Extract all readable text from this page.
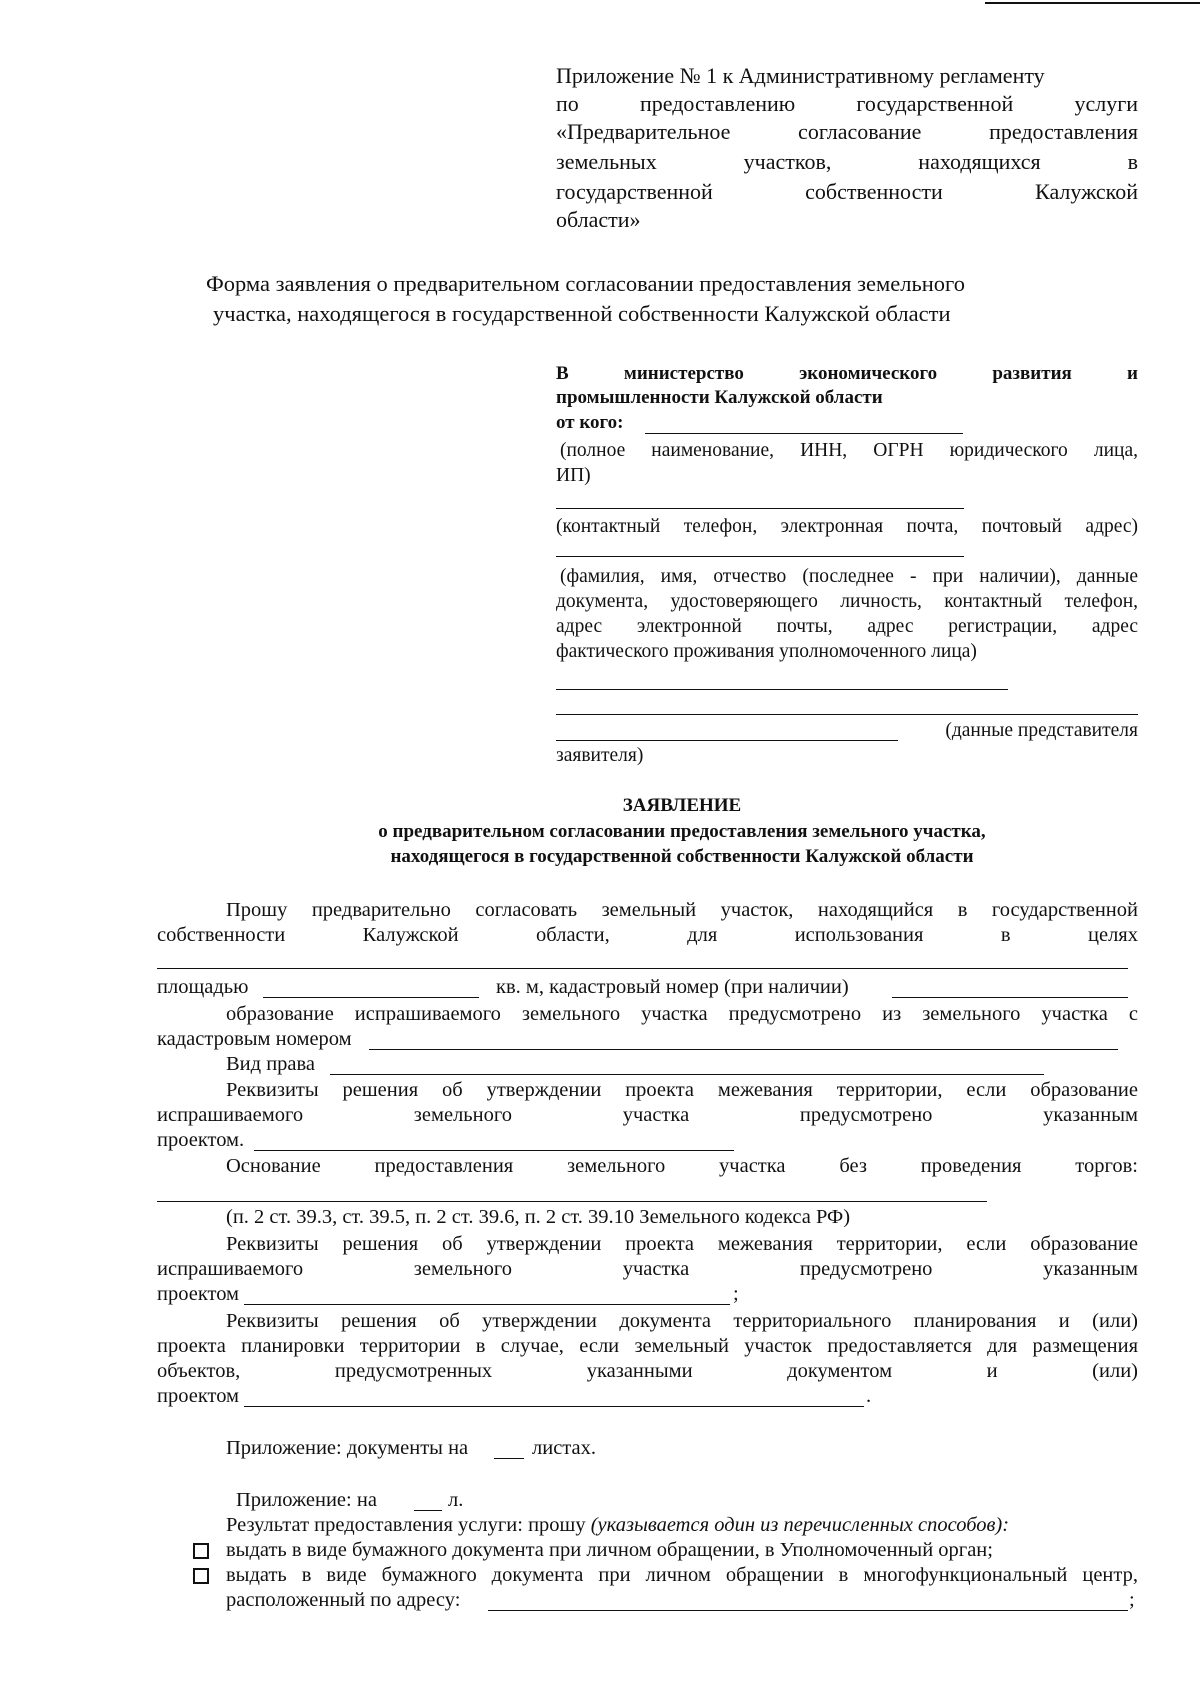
Приложение № 1 к Административному регламенту
по предоставлению государственной услуги
«Предварительное согласование предоставления
земельных участков, находящихся в
государственной собственности Калужской
области»
Форма заявления о предварительном согласовании предоставления земельного
участка, находящегося в государственной собственности Калужской области
В министерство экономического развития и
промышленности Калужской области
от кого:
(полное наименование, ИНН, ОГРН юридического лица,
ИП)
(контактный телефон, электронная почта, почтовый адрес)
(фамилия, имя, отчество (последнее - при наличии), данные
документа, удостоверяющего личность, контактный телефон,
адрес электронной почты, адрес регистрации, адрес
фактического проживания уполномоченного лица)
(данные представителя
заявителя)
ЗАЯВЛЕНИЕ
о предварительном согласовании предоставления земельного участка,
находящегося в государственной собственности Калужской области
Прошу предварительно согласовать земельный участок, находящийся в государственной
собственности Калужской области, для использования в целях
площадью	кв. м, кадастровый номер (при наличии)
образование испрашиваемого земельного участка предусмотрено из земельного участка с
кадастровым номером
Вид права
Реквизиты решения об утверждении проекта межевания территории, если образование
испрашиваемого земельного участка предусмотрено указанным
проектом.
Основание предоставления земельного участка без проведения торгов:
(п. 2 ст. 39.3, ст. 39.5, п. 2 ст. 39.6, п. 2 ст. 39.10 Земельного кодекса РФ)
Реквизиты решения об утверждении проекта межевания территории, если образование
испрашиваемого земельного участка предусмотрено указанным
проектом	;
Реквизиты решения об утверждении документа территориального планирования и (или)
проекта планировки территории в случае, если земельный участок предоставляется для размещения
объектов, предусмотренных указанными документом и (или)
проектом	.
Приложение: документы на	листах.
Приложение: на	л.
Результат предоставления услуги: прошу (указывается один из перечисленных способов):
выдать в виде бумажного документа при личном обращении, в Уполномоченный орган;
выдать в виде бумажного документа при личном обращении в многофункциональный центр,
расположенный по адресу:	;
